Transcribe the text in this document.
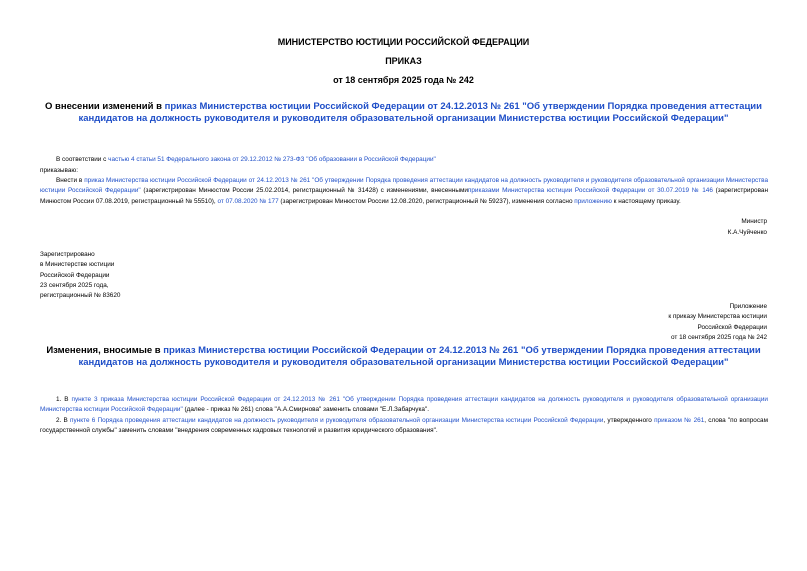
МИНИСТЕРСТВО ЮСТИЦИИ РОССИЙСКОЙ ФЕДЕРАЦИИ
ПРИКАЗ
от 18 сентября 2025 года № 242
О внесении изменений в приказ Министерства юстиции Российской Федерации от 24.12.2013 № 261 "Об утверждении Порядка проведения аттестации кандидатов на должность руководителя и руководителя образовательной организации Министерства юстиции Российской Федерации"
В соответствии с частью 4 статьи 51 Федерального закона от 29.12.2012 № 273-ФЗ "Об образовании в Российской Федерации"
приказываю:
Внести в приказ Министерства юстиции Российской Федерации от 24.12.2013 № 261 "Об утверждении Порядка проведения аттестации кандидатов на должность руководителя и руководителя образовательной организации Министерства юстиции Российской Федерации" (зарегистрирован Минюстом России 25.02.2014, регистрационный № 31428) с изменениями, внесеннымиприказами Министерства юстиции Российской Федерации от 30.07.2019 № 146 (зарегистрирован Минюстом России 07.08.2019, регистрационный № 55510), от 07.08.2020 № 177 (зарегистрирован Минюстом России 12.08.2020, регистрационный № 59237), изменения согласно приложению к настоящему приказу.
Министр
К.А.Чуйченко
Зарегистрировано
в Министерстве юстиции
Российской Федерации
23 сентября 2025 года,
регистрационный № 83620
Приложение
к приказу Министерства юстиции
Российской Федерации
от 18 сентября 2025 года № 242
Изменения, вносимые в приказ Министерства юстиции Российской Федерации от 24.12.2013 № 261 "Об утверждении Порядка проведения аттестации кандидатов на должность руководителя и руководителя образовательной организации Министерства юстиции Российской Федерации"
1. В пункте 3 приказа Министерства юстиции Российской Федерации от 24.12.2013 № 261 "Об утверждении Порядка проведения аттестации кандидатов на должность руководителя и руководителя образовательной организации Министерства юстиции Российской Федерации" (далее - приказ № 261) слова "А.А.Смирнова" заменить словами "Е.Л.Забарчука".
2. В пункте 6 Порядка проведения аттестации кандидатов на должность руководителя и руководителя образовательной организации Министерства юстиции Российской Федерации, утвержденного приказом № 261, слова "по вопросам государственной службы" заменить словами "внедрения современных кадровых технологий и развития юридического образования".
